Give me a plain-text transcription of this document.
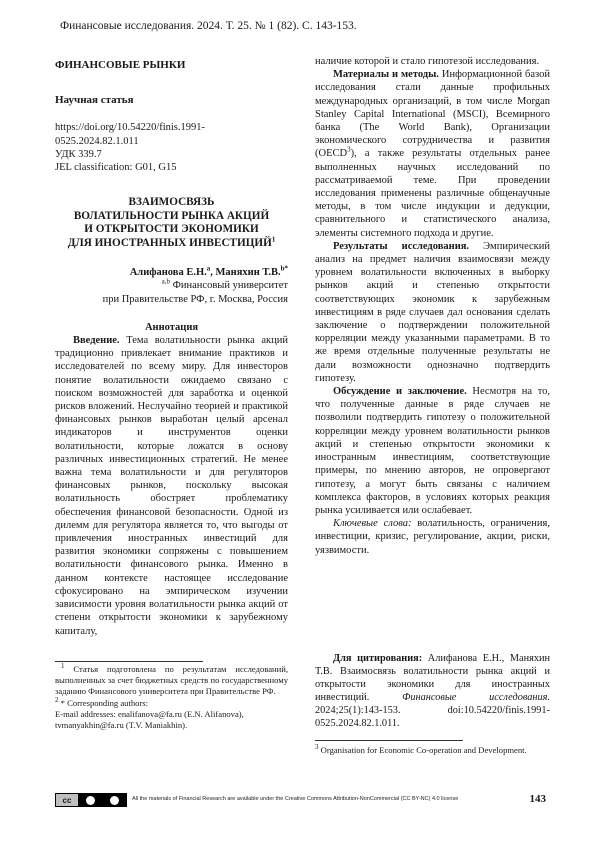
Финансовые исследования. 2024. Т. 25. № 1 (82). С. 143-153.
ФИНАНСОВЫЕ РЫНКИ
Научная статья
https://doi.org/10.54220/finis.1991-
0525.2024.82.1.011
УДК 339.7
JEL classification: G01, G15
ВЗАИМОСВЯЗЬ
ВОЛАТИЛЬНОСТИ РЫНКА АКЦИЙ
И ОТКРЫТОСТИ ЭКОНОМИКИ
ДЛЯ ИНОСТРАННЫХ ИНВЕСТИЦИЙ$^1$
Алифанова Е.Н.$^a$, Маняхин Т.В.$^{b*}$
$^{a,b}$ Финансовый университет
при Правительстве РФ, г. Москва, Россия
Аннотация

Введение. Тема волатильности рынка акций традиционно привлекает внимание практиков и исследователей по всему миру. Для инвесторов понятие волатильности ожидаемо связано с поиском возможностей для заработка и оценкой рисков вложений. Неслучайно теорией и практикой финансовых рынков выработан целый арсенал индикаторов и инструментов оценки волатильности, которые ложатся в основу различных инвестиционных стратегий. Не менее важна тема волатильности и для регуляторов финансовых рынков, поскольку высокая волатильность обостряет проблематику обеспечения финансовой безопасности. Одной из дилемм для регулятора является то, что выгоды от привлечения иностранных инвестиций для развития экономики сопряжены с повышением волатильности финансового рынка. Именно в данном контексте настоящее исследование сфокусировано на эмпирическом изучении зависимости уровня волатильности рынка акций от степени открытости экономики к зарубежному капиталу,

наличие которой и стало гипотезой исследования.

Материалы и методы. Информационной базой исследования стали данные профильных международных организаций, в том числе Morgan Stanley Capital International (MSCI), Всемирного банка (The World Bank), Организации экономического сотрудничества и развития (OECD$^3$), а также результаты отдельных ранее выполненных научных исследований по рассматриваемой теме. При проведении исследования применены различные общенаучные методы, в том числе индукции и дедукции, сравнительного и статистического анализа, элементы системного подхода и другие.

Результаты исследования. Эмпирический анализ на предмет наличия взаимосвязи между уровнем волатильности включенных в выборку рынков акций и степенью открытости соответствующих экономик к зарубежным инвестициям в ряде случаев дал основания сделать заключение о подтверждении положительной корреляции между указанными параметрами. В то же время отдельные полученные результаты не дали возможности однозначно подтвердить гипотезу.

Обсуждение и заключение. Несмотря на то, что полученные данные в ряде случаев не позволили подтвердить гипотезу о положительной корреляции между уровнем волатильности рынков акций и степенью открытости экономики к иностранным инвестициям, соответствующие примеры, по мнению авторов, не опровергают гипотезу, а могут быть связаны с наличием комплекса факторов, в условиях которых реакция рынка усиливается или ослабевает.

Ключевые слова: волатильность, ограничения, инвестиции, кризис, регулирование, акции, риски, уязвимости.

$^1$ Статья подготовлена по результатам исследований, выполненных за счет бюджетных средств по государственному заданию Финансового университета при Правительстве РФ.
$^2$ * Corresponding authors:
E-mail addresses: enalifanova@fa.ru (E.N. Alifanova),
tvmanyakhin@fa.ru (T.V. Maniakhin).
Для цитирования: Алифанова Е.Н., Маняхин Т.В. Взаимосвязь волатильности рынка акций и открытости экономики для иностранных инвестиций.	Финансовые исследования. 2024;25(1):143-153. doi:10.54220/finis.1991-0525.2024.82.1.011.
$^3$ Organisation for Economic Co-operation and Development.
cc	All the materials of Financial Research are available under the Creative Commons Attribution-NonCommercial (CC BY-NC) 4.0 license	143
